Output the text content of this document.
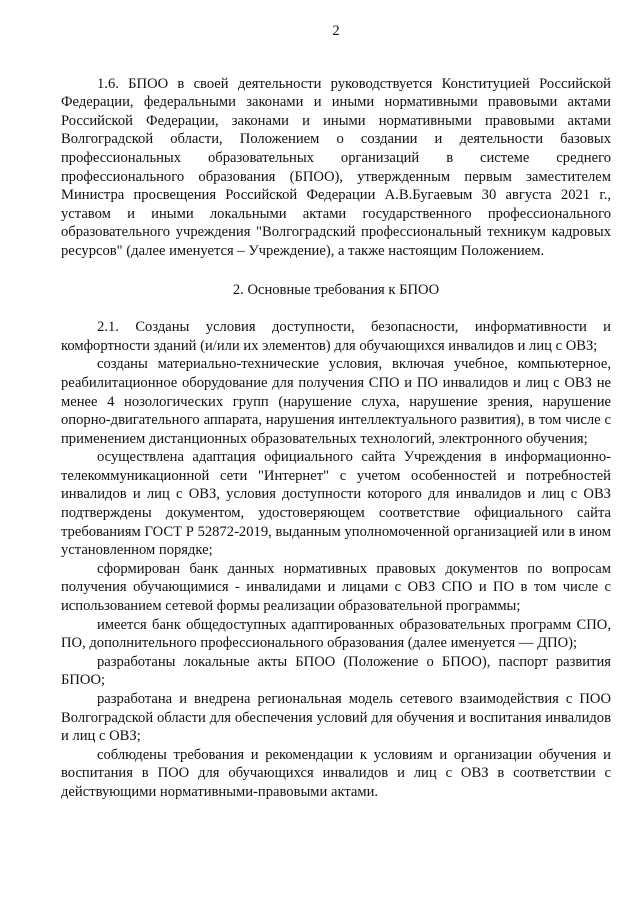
2

1.6. БПОО в своей деятельности руководствуется Конституцией Российской Федерации, федеральными законами и иными нормативными правовыми актами Российской Федерации, законами и иными нормативными правовыми актами Волгоградской области, Положением о создании и деятельности базовых профессиональных образовательных организаций в системе среднего профессионального образования (БПОО), утвержденным первым заместителем Министра просвещения Российской Федерации А.В.Бугаевым 30 августа 2021 г., уставом и иными локальными актами государственного профессионального образовательного учреждения "Волгоградский профессиональный техникум кадровых ресурсов" (далее именуется – Учреждение), а также настоящим Положением.

2. Основные требования к БПОО

2.1. Созданы условия доступности, безопасности, информативности и комфортности зданий (и/или их элементов) для обучающихся инвалидов и лиц с ОВЗ;

созданы материально-технические условия, включая учебное, компьютерное, реабилитационное оборудование для получения СПО и ПО инвалидов и лиц с ОВЗ не менее 4 нозологических групп (нарушение слуха, нарушение зрения, нарушение опорно-двигательного аппарата, нарушения интеллектуального развития), в том числе с применением дистанционных образовательных технологий, электронного обучения;

осуществлена адаптация официального сайта Учреждения в информационно-телекоммуникационной сети "Интернет" с учетом особенностей и потребностей инвалидов и лиц с ОВЗ, условия доступности которого для инвалидов и лиц с ОВЗ подтверждены документом, удостоверяющем соответствие официального сайта требованиям ГОСТ Р 52872-2019, выданным уполномоченной организацией или в ином установленном порядке;

сформирован банк данных нормативных правовых документов по вопросам получения обучающимися - инвалидами и лицами с ОВЗ СПО и ПО в том числе с использованием сетевой формы реализации образовательной программы;

имеется банк общедоступных адаптированных образовательных программ СПО, ПО, дополнительного профессионального образования (далее именуется — ДПО);

разработаны локальные акты БПОО (Положение о БПОО), паспорт развития БПОО;

разработана и внедрена региональная модель сетевого взаимодействия с ПОО Волгоградской области для обеспечения условий для обучения и воспитания инвалидов и лиц с ОВЗ;

соблюдены требования и рекомендации к условиям и организации обучения и воспитания в ПОО для обучающихся инвалидов и лиц с ОВЗ в соответствии с действующими нормативными-правовыми актами.
